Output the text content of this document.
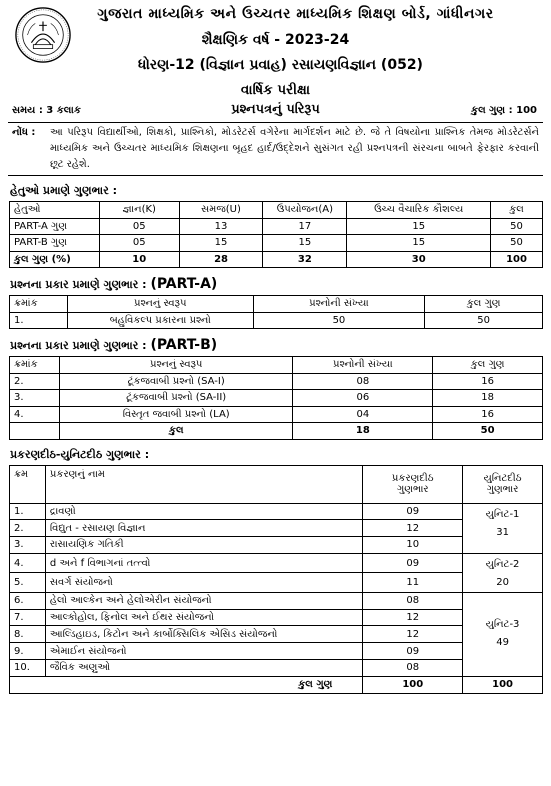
ગુજરાત માધ્યમિક અને ઉચ્ચતર માધ્યમિક શિક્ષણ બોર્ડ, ગાંધીનગર
શૈક્ષણિક વર્ષ - 2023-24
ધોરણ-12 (વિજ્ઞાન પ્રવાહ) રસાયણવિજ્ઞાન (052)
વાર્ષિક પરીક્ષા
સમય : 3 કલાક	પ્રશ્નપત્રનું પરિરૂપ	કુલ ગુણ : 100
નોંધ :	આ પરિરૂપ વિદ્યાર્થીઓ, શિક્ષકો, પ્રાશ્નિકો, મોડરેટર્સ વગેરેના માર્ગદર્શન માટે છે. જે તે વિષયોના પ્રાશ્નિક તેમજ મોડરેટર્સને માધ્યમિક અને ઉચ્ચતર માધ્યમિક શિક્ષણના બૃહદ હાર્દ/ઉદ્દેશને સુસંગત રહી પ્રશ્નપત્રની સંરચના બાબતે ફેરફાર કરવાની છૂટ રહેશે.
હેતુઓ પ્રમાણે ગુણભાર :
હેતુઓ	જ્ઞાન(K)	સમજ(U)	ઉપયોજન(A)	ઉચ્ચ વૈચારિક કૌશલ્ય	કુલ
PART-A ગુણ	05	13	17	15	50
PART-B ગુણ	05	15	15	15	50
કુલ ગુણ (%)	10	28	32	30	100
પ્રશ્નના પ્રકાર પ્રમાણે ગુણભાર : (PART-A)
ક્રમાંક	પ્રશ્નનું સ્વરૂપ	પ્રશ્નોની સંખ્યા	કુલ ગુણ
1.	બહુવિકલ્પ પ્રકારના પ્રશ્નો	50	50
પ્રશ્નના પ્રકાર પ્રમાણે ગુણભાર : (PART-B)
ક્રમાંક	પ્રશ્નનું સ્વરૂપ	પ્રશ્નોની સંખ્યા	કુલ ગુણ
2.	ટૂંકજવાબી પ્રશ્નો (SA-I)	08	16
3.	ટૂંકજવાબી પ્રશ્નો (SA-II)	06	18
4.	વિસ્તૃત જવાબી પ્રશ્નો (LA)	04	16
	કુલ	18	50
પ્રકરણદીઠ-યુનિટદીઠ ગુણભાર :
ક્રમ	પ્રકરણનું નામ	પ્રકરણદીઠ ગુણભાર	યુનિટદીઠ ગુણભાર
1.	દ્રાવણો	09	યુનિટ-1
31

2.	વિદ્યુત - રસાયણ વિજ્ઞાન	12	
3.	રાસાયણિક ગતિકી	10	
4.	d અને f વિભાગનાં તત્ત્વો	09	યુનિટ-2
20

5.	સવર્ગ સંયોજનો	11	
6.	હેલો આલ્કેન અને હેલોએરીન સંયોજનો	08	યુનિટ-3
49

7.	આલ્કોહોલ, ફિનોલ અને ઈથર સંયોજનો	12	
8.	આલ્ડિહાઇડ, કિટોન અને કાર્બોક્સિલિક એસિડ સંયોજનો	12	
9.	એમાઈન સંયોજનો	09	
10.	જૈવિક અણુઓ	08	
	કુલ ગુણ	100	100
